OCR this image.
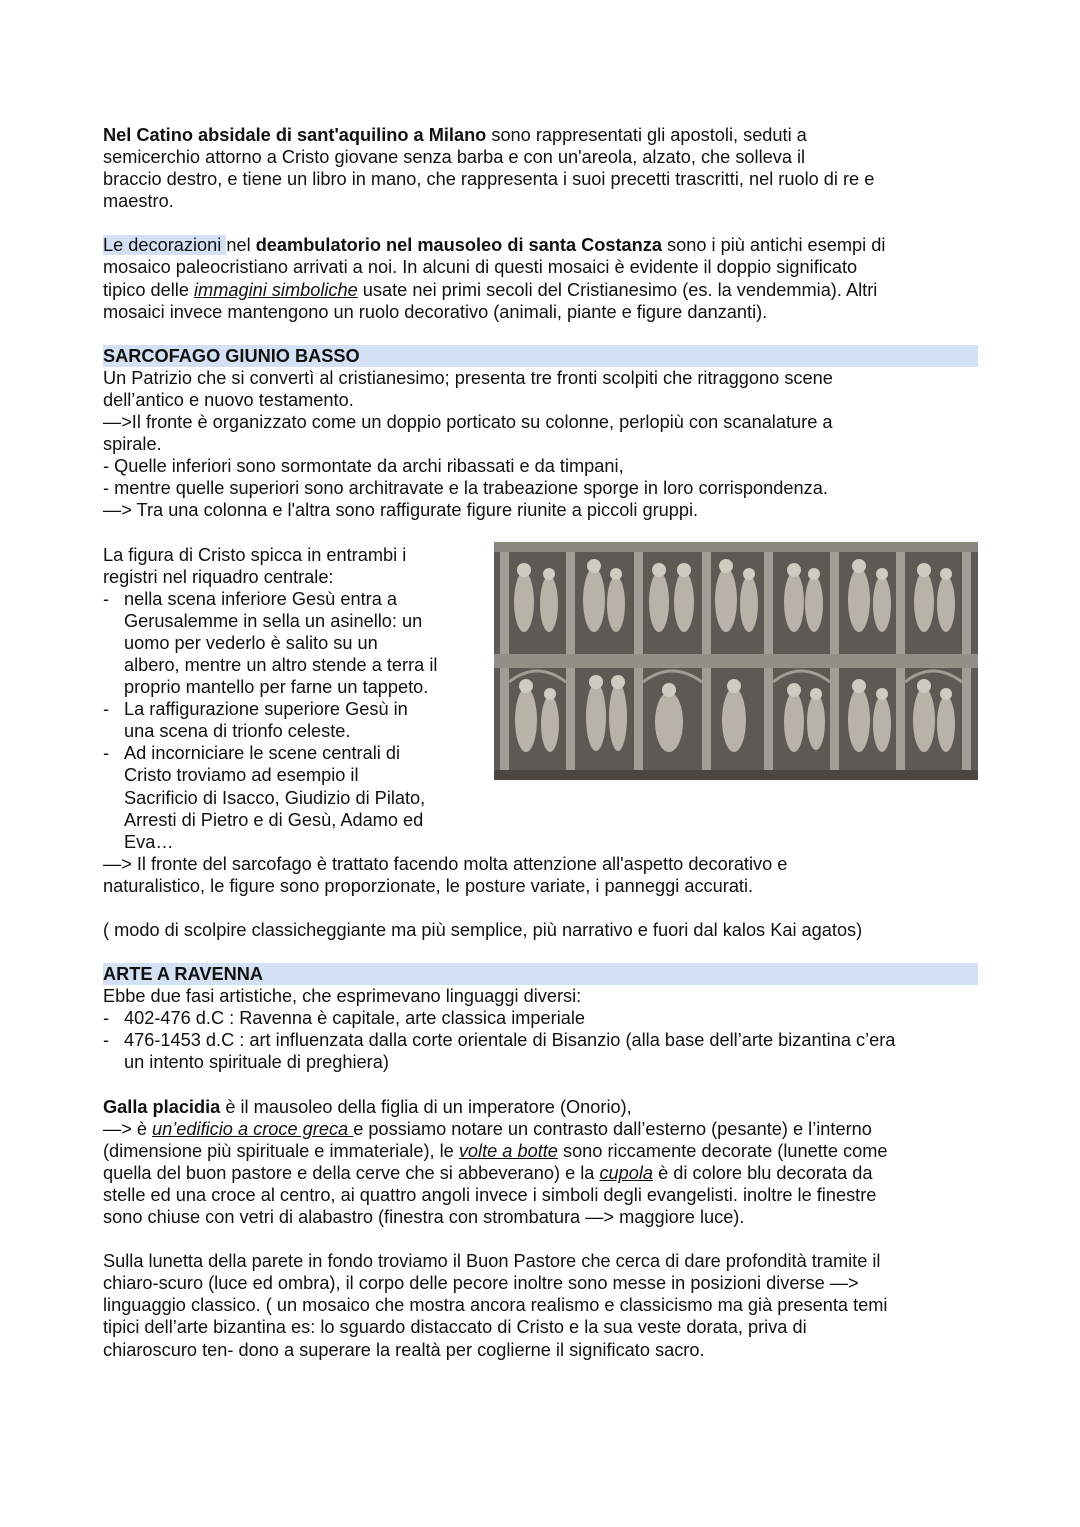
Nel Catino absidale di sant'aquilino a Milano sono rappresentati gli apostoli, seduti a
semicerchio attorno a Cristo giovane senza barba e con un'areola, alzato, che solleva il
braccio destro, e tiene un libro in mano, che rappresenta i suoi precetti trascritti, nel ruolo di re e
maestro.

Le decorazioni nel deambulatorio nel mausoleo di santa Costanza sono i più antichi esempi di
mosaico paleocristiano arrivati a noi. In alcuni di questi mosaici è evidente il doppio significato
tipico delle immagini simboliche usate nei primi secoli del Cristianesimo (es. la vendemmia). Altri
mosaici invece mantengono un ruolo decorativo (animali, piante e figure danzanti).

SARCOFAGO GIUNIO BASSO

Un Patrizio che si convertì al cristianesimo; presenta tre fronti scolpiti che ritraggono scene
dell’antico e nuovo testamento.
—>Il fronte è organizzato come un doppio porticato su colonne, perlopiù con scanalature a
spirale.
- Quelle inferiori sono sormontate da archi ribassati e da timpani,
- mentre quelle superiori sono architravate e la trabeazione sporge in loro corrispondenza.
—> Tra una colonna e l'altra sono raffigurate figure riunite a piccoli gruppi.

La figura di Cristo spicca in entrambi i
registri nel riquadro centrale:

- nella scena inferiore Gesù entra a
Gerusalemme in sella un asinello: un
uomo per vederlo è salito su un
albero, mentre un altro stende a terra il
proprio mantello per farne un tappeto.
- La raffigurazione superiore Gesù in
una scena di trionfo celeste.
- Ad incorniciare le scene centrali di
Cristo troviamo ad esempio il
Sacrificio di Isacco, Giudizio di Pilato,
Arresti di Pietro e di Gesù, Adamo ed
Eva…

—> Il fronte del sarcofago è trattato facendo molta attenzione all'aspetto decorativo e
naturalistico, le figure sono proporzionate, le posture variate, i panneggi accurati.

( modo di scolpire classicheggiante ma più semplice, più narrativo e fuori dal kalos Kai agatos)

ARTE A RAVENNA

Ebbe due fasi artistiche, che esprimevano linguaggi diversi:

- 402-476 d.C : Ravenna è capitale, arte classica imperiale
- 476-1453 d.C : art influenzata dalla corte orientale di Bisanzio (alla base dell’arte bizantina c’era
un intento spirituale di preghiera)

Galla placidia è il mausoleo della figlia di un imperatore (Onorio),
—> è un’edificio a croce greca e possiamo notare un contrasto dall’esterno (pesante) e l’interno
(dimensione più spirituale e immateriale), le volte a botte sono riccamente decorate (lunette come
quella del buon pastore e della cerve che si abbeverano) e la cupola è di colore blu decorata da
stelle ed una croce al centro, ai quattro angoli invece i simboli degli evangelisti. inoltre le finestre
sono chiuse con vetri di alabastro (finestra con strombatura —> maggiore luce).

Sulla lunetta della parete in fondo troviamo il Buon Pastore che cerca di dare profondità tramite il
chiaro-scuro (luce ed ombra), il corpo delle pecore inoltre sono messe in posizioni diverse —>
linguaggio classico. ( un mosaico che mostra ancora realismo e classicismo ma già presenta temi
tipici dell’arte bizantina es: lo sguardo distaccato di Cristo e la sua veste dorata, priva di
chiaroscuro ten- dono a superare la realtà per coglierne il significato sacro.
